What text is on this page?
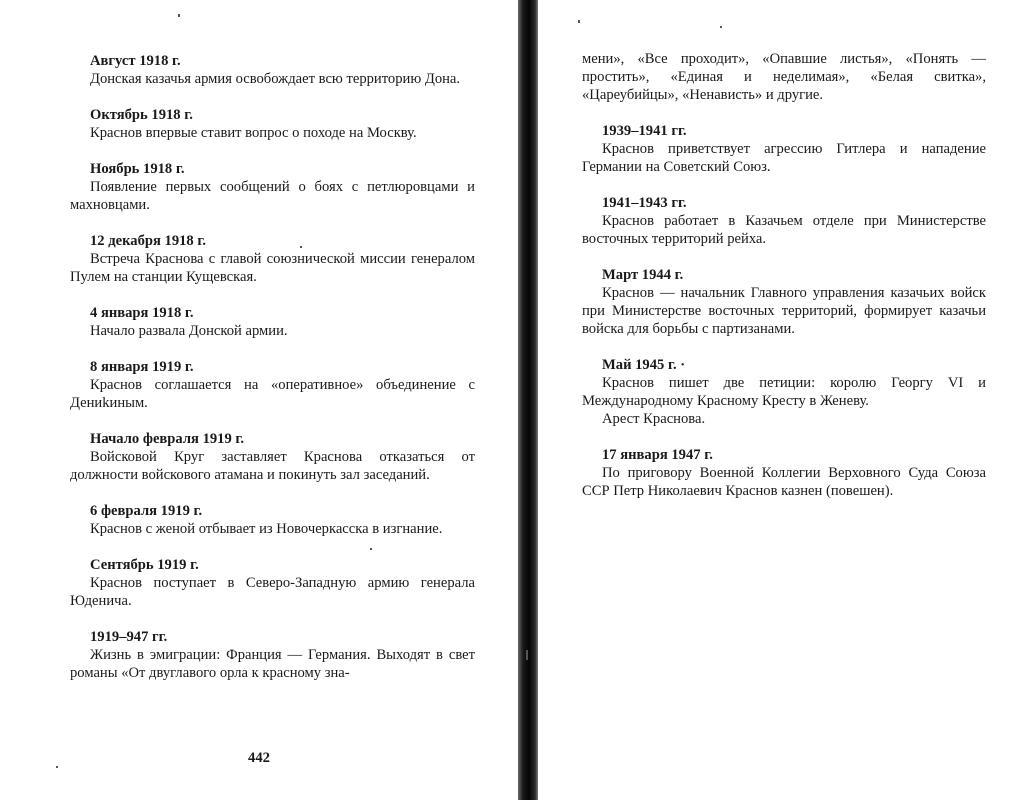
Август 1918 г.
Донская казачья армия освобождает всю территорию Дона.
Октябрь 1918 г.
Краснов впервые ставит вопрос о походе на Москву.
Ноябрь 1918 г.
Появление первых сообщений о боях с петлюровцами и махновцами.
12 декабря 1918 г.
Встреча Краснова с главой союзнической миссии генералом Пулем на станции Кущевская.
4 января 1918 г.
Начало развала Донской армии.
8 января 1919 г.
Краснов соглашается на «оперативное» объединение с Дениkиным.
Начало февраля 1919 г.
Войсковой Круг заставляет Краснова отказаться от должности войскового атамана и покинуть зал заседаний.
6 февраля 1919 г.
Краснов с женой отбывает из Новочеркасска в изгнание.
Сентябрь 1919 г.
Краснов поступает в Северо-Западную армию генерала Юденича.
1919–947 гг.
Жизнь в эмиграции: Франция — Германия. Выходят в свет романы «От двуглавого орла к красному зна-
442
мени», «Все проходит», «Опавшие листья», «Понять — простить», «Единая и неделимая», «Белая свитка», «Цареубийцы», «Ненависть» и другие.
1939–1941 гг.
Краснов приветствует агрессию Гитлера и нападение Германии на Советский Союз.
1941–1943 гг.
Краснов работает в Казачьем отделе при Министерстве восточных территорий рейха.
Март 1944 г.
Краснов — начальник Главного управления казачьих войск при Министерстве восточных территорий, формирует казачьи войска для борьбы с партизанами.
Май 1945 г. ·
Краснов пишет две петиции: королю Георгу VI и Международному Красному Кресту в Женеву.
Арест Краснова.
17 января 1947 г.
По приговору Военной Коллегии Верховного Суда Союза ССР Петр Николаевич Краснов казнен (повешен).
